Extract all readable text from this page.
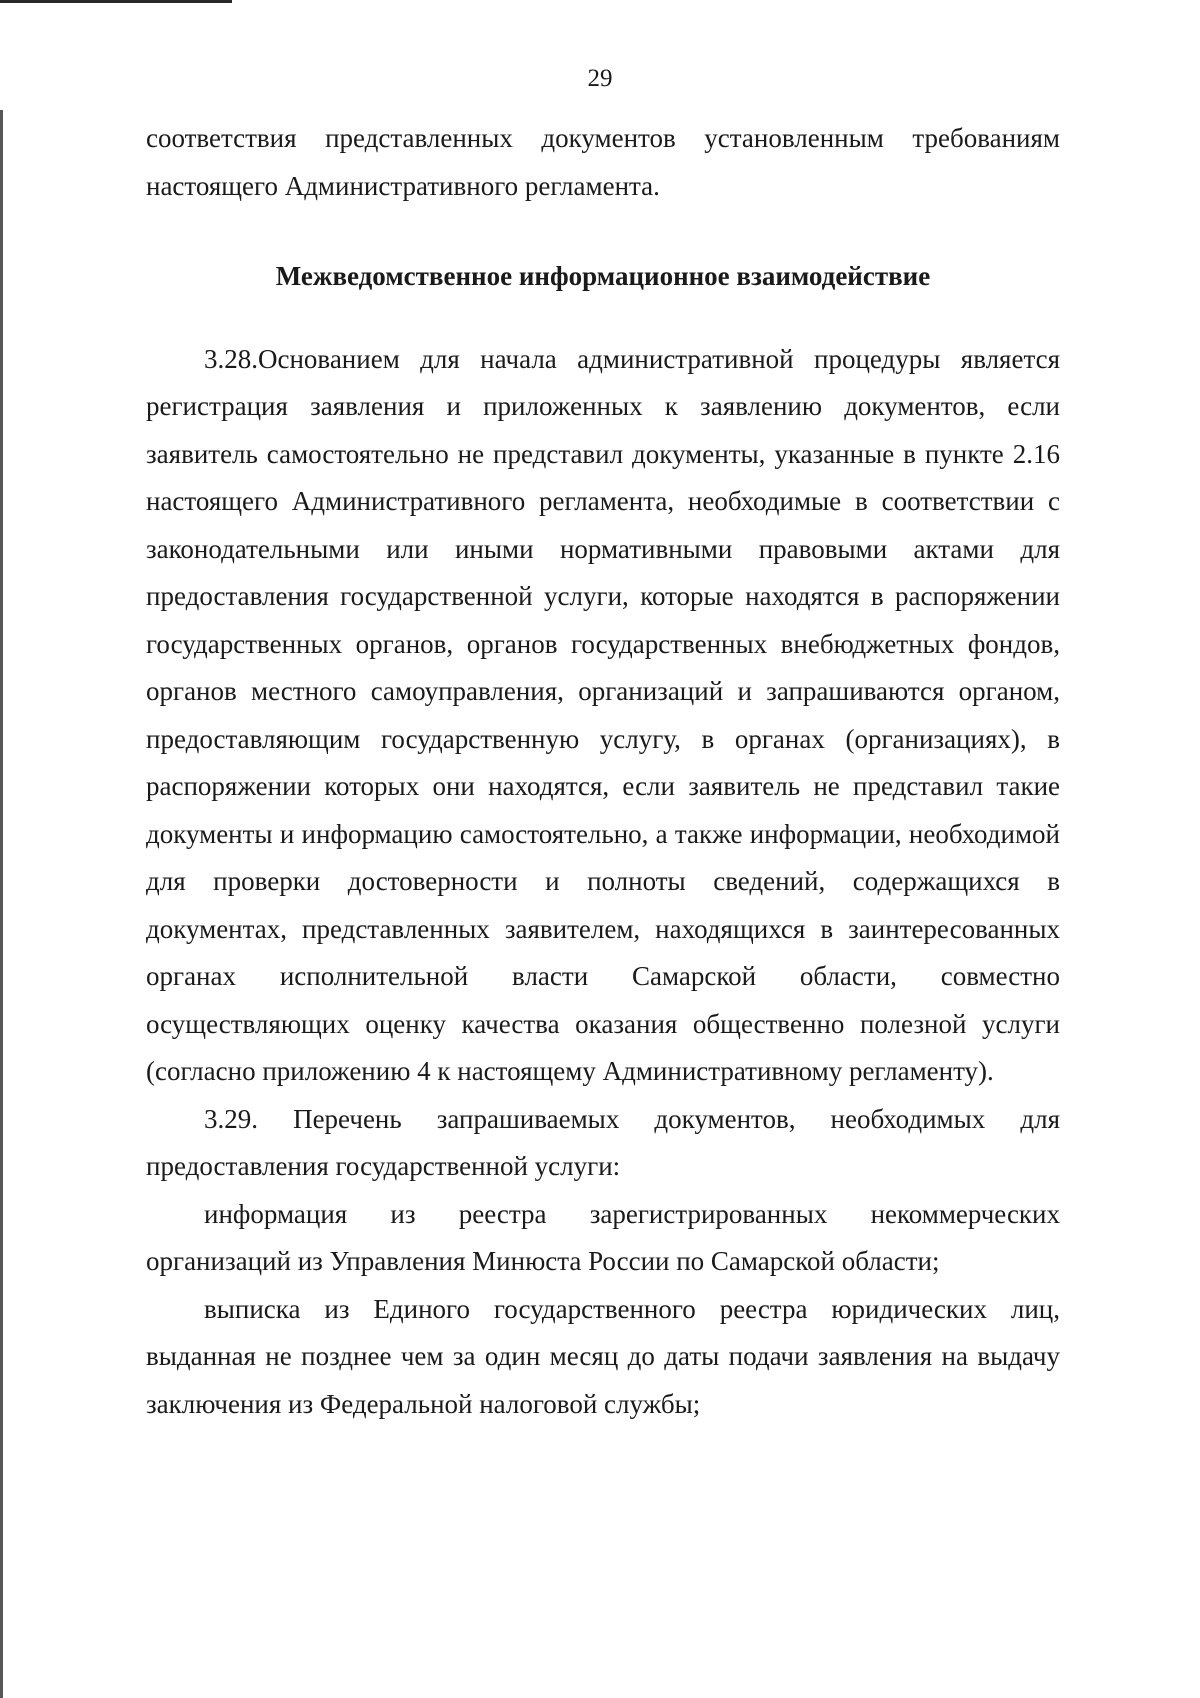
29

соответствия представленных документов установленным требованиям настоящего Административного регламента.

Межведомственное информационное взаимодействие

3.28.Основанием для начала административной процедуры является регистрация заявления и приложенных к заявлению документов, если заявитель самостоятельно не представил документы, указанные в пункте 2.16 настоящего Административного регламента, необходимые в соответствии с законодательными или иными нормативными правовыми актами для предоставления государственной услуги, которые находятся в распоряжении государственных органов, органов государственных внебюджетных фондов, органов местного самоуправления, организаций и запрашиваются органом, предоставляющим государственную услугу, в органах (организациях), в распоряжении которых они находятся, если заявитель не представил такие документы и информацию самостоятельно, а также информации, необходимой для проверки достоверности и полноты сведений, содержащихся в документах, представленных заявителем, находящихся в заинтересованных органах исполнительной власти Самарской области, совместно осуществляющих оценку качества оказания общественно полезной услуги (согласно приложению 4 к настоящему Административному регламенту).

3.29. Перечень запрашиваемых документов, необходимых для предоставления государственной услуги:

информация из реестра зарегистрированных некоммерческих организаций из Управления Минюста России по Самарской области;

выписка из Единого государственного реестра юридических лиц, выданная не позднее чем за один месяц до даты подачи заявления на выдачу заключения из Федеральной налоговой службы;
